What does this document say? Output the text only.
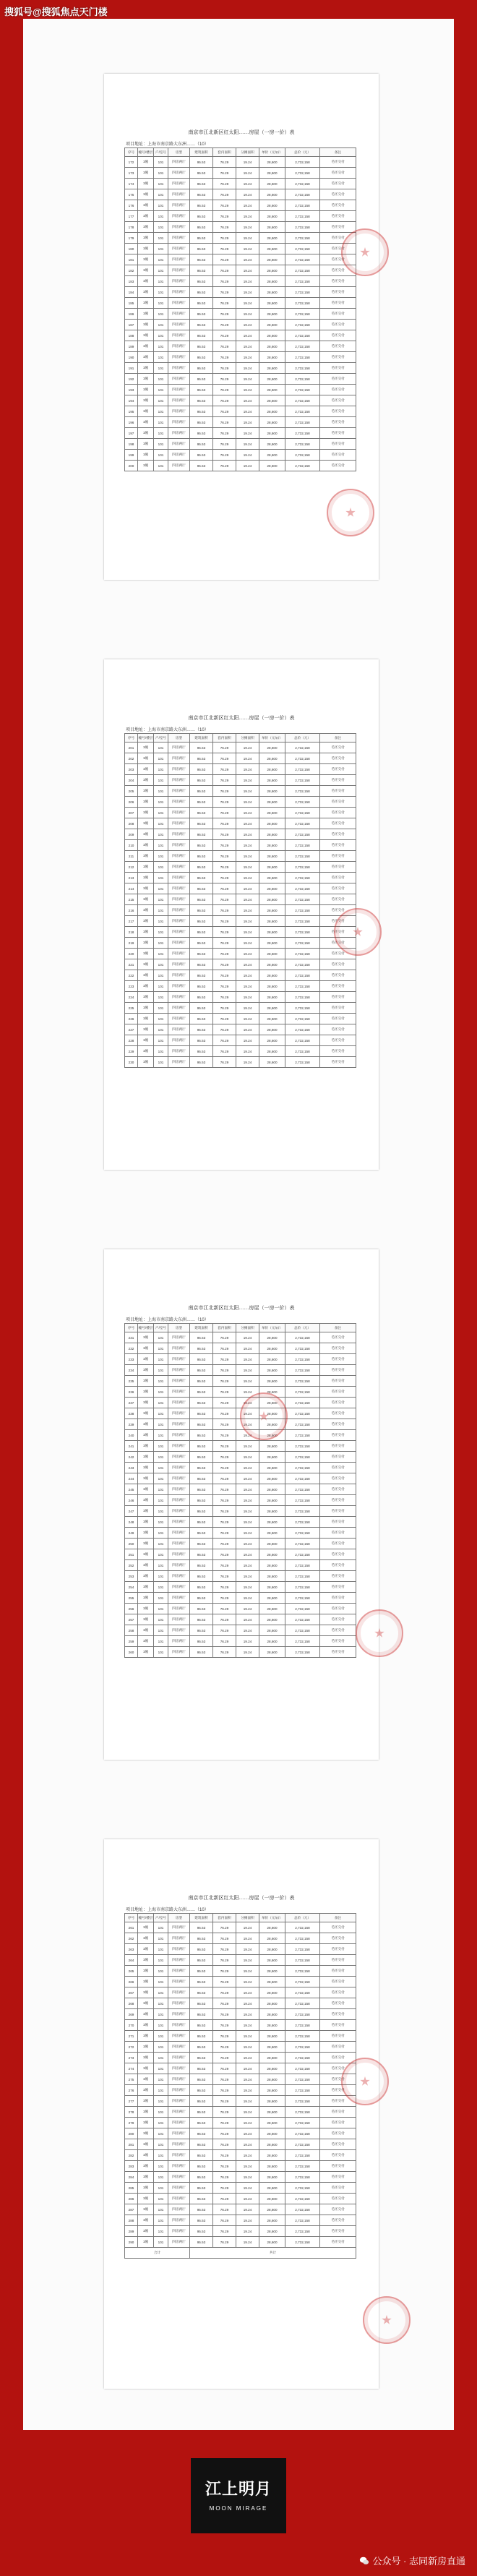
搜狐号@搜狐焦点天门楼
南京市江北新区红太阳……房屋（一房一价）表
项目地址：上海市南京路大东洲……（10）
序号	幢号/楼层	户/室号	房型	建筑面积	套内面积	分摊面积	单价（元/㎡）	总价（元）	备注
172	1幢	101	四房两厅	95.53	76.29	19.24	28,600	2,732,158	毛坯交付
173	1幢	101	四房两厅	95.53	76.29	19.24	28,600	2,732,158	毛坯交付
174	1幢	101	四房两厅	95.53	76.29	19.24	28,600	2,732,158	毛坯交付
175	1幢	101	四房两厅	95.53	76.29	19.24	28,600	2,732,158	毛坯交付
176	1幢	101	四房两厅	95.53	76.29	19.24	28,600	2,732,158	毛坯交付
177	1幢	101	四房两厅	95.53	76.29	19.24	28,600	2,732,158	毛坯交付
178	1幢	101	四房两厅	95.53	76.29	19.24	28,600	2,732,158	毛坯交付
179	1幢	101	四房两厅	95.53	76.29	19.24	28,600	2,732,158	毛坯交付
180	1幢	101	四房两厅	95.53	76.29	19.24	28,600	2,732,158	毛坯交付
181	1幢	101	四房两厅	95.53	76.29	19.24	28,600	2,732,158	毛坯交付
182	1幢	101	四房两厅	95.53	76.29	19.24	28,600	2,732,158	毛坯交付
183	1幢	101	四房两厅	95.53	76.29	19.24	28,600	2,732,158	毛坯交付
184	1幢	101	四房两厅	95.53	76.29	19.24	28,600	2,732,158	毛坯交付
185	1幢	101	四房两厅	95.53	76.29	19.24	28,600	2,732,158	毛坯交付
186	1幢	101	四房两厅	95.53	76.29	19.24	28,600	2,732,158	毛坯交付
187	1幢	101	四房两厅	95.53	76.29	19.24	28,600	2,732,158	毛坯交付
188	1幢	101	四房两厅	95.53	76.29	19.24	28,600	2,732,158	毛坯交付
189	1幢	101	四房两厅	95.53	76.29	19.24	28,600	2,732,158	毛坯交付
190	1幢	101	四房两厅	95.53	76.29	19.24	28,600	2,732,158	毛坯交付
191	1幢	101	四房两厅	95.53	76.29	19.24	28,600	2,732,158	毛坯交付
192	1幢	101	四房两厅	95.53	76.29	19.24	28,600	2,732,158	毛坯交付
193	1幢	101	四房两厅	95.53	76.29	19.24	28,600	2,732,158	毛坯交付
194	1幢	101	四房两厅	95.53	76.29	19.24	28,600	2,732,158	毛坯交付
195	1幢	101	四房两厅	95.53	76.29	19.24	28,600	2,732,158	毛坯交付
196	1幢	101	四房两厅	95.53	76.29	19.24	28,600	2,732,158	毛坯交付
197	1幢	101	四房两厅	95.53	76.29	19.24	28,600	2,732,158	毛坯交付
198	1幢	101	四房两厅	95.53	76.29	19.24	28,600	2,732,158	毛坯交付
199	1幢	101	四房两厅	95.53	76.29	19.24	28,600	2,732,158	毛坯交付
200	1幢	101	四房两厅	95.53	76.29	19.24	28,600	2,732,158	毛坯交付
南京市江北新区红太阳……房屋（一房一价）表
项目地址：上海市南京路大东洲……（10）
序号	幢号/楼层	户/室号	房型	建筑面积	套内面积	分摊面积	单价（元/㎡）	总价（元）	备注
201	1幢	101	四房两厅	95.53	76.29	19.24	28,600	2,732,158	毛坯交付
202	1幢	101	四房两厅	95.53	76.29	19.24	28,600	2,732,158	毛坯交付
203	1幢	101	四房两厅	95.53	76.29	19.24	28,600	2,732,158	毛坯交付
204	1幢	101	四房两厅	95.53	76.29	19.24	28,600	2,732,158	毛坯交付
205	1幢	101	四房两厅	95.53	76.29	19.24	28,600	2,732,158	毛坯交付
206	1幢	101	四房两厅	95.53	76.29	19.24	28,600	2,732,158	毛坯交付
207	1幢	101	四房两厅	95.53	76.29	19.24	28,600	2,732,158	毛坯交付
208	1幢	101	四房两厅	95.53	76.29	19.24	28,600	2,732,158	毛坯交付
209	1幢	101	四房两厅	95.53	76.29	19.24	28,600	2,732,158	毛坯交付
210	1幢	101	四房两厅	95.53	76.29	19.24	28,600	2,732,158	毛坯交付
211	1幢	101	四房两厅	95.53	76.29	19.24	28,600	2,732,158	毛坯交付
212	1幢	101	四房两厅	95.53	76.29	19.24	28,600	2,732,158	毛坯交付
213	1幢	101	四房两厅	95.53	76.29	19.24	28,600	2,732,158	毛坯交付
214	1幢	101	四房两厅	95.53	76.29	19.24	28,600	2,732,158	毛坯交付
215	1幢	101	四房两厅	95.53	76.29	19.24	28,600	2,732,158	毛坯交付
216	1幢	101	四房两厅	95.53	76.29	19.24	28,600	2,732,158	毛坯交付
217	1幢	101	四房两厅	95.53	76.29	19.24	28,600	2,732,158	毛坯交付
218	1幢	101	四房两厅	95.53	76.29	19.24	28,600	2,732,158	毛坯交付
219	1幢	101	四房两厅	95.53	76.29	19.24	28,600	2,732,158	毛坯交付
220	1幢	101	四房两厅	95.53	76.29	19.24	28,600	2,732,158	毛坯交付
221	1幢	101	四房两厅	95.53	76.29	19.24	28,600	2,732,158	毛坯交付
222	1幢	101	四房两厅	95.53	76.29	19.24	28,600	2,732,158	毛坯交付
223	1幢	101	四房两厅	95.53	76.29	19.24	28,600	2,732,158	毛坯交付
224	1幢	101	四房两厅	95.53	76.29	19.24	28,600	2,732,158	毛坯交付
225	1幢	101	四房两厅	95.53	76.29	19.24	28,600	2,732,158	毛坯交付
226	1幢	101	四房两厅	95.53	76.29	19.24	28,600	2,732,158	毛坯交付
227	1幢	101	四房两厅	95.53	76.29	19.24	28,600	2,732,158	毛坯交付
228	1幢	101	四房两厅	95.53	76.29	19.24	28,600	2,732,158	毛坯交付
229	1幢	101	四房两厅	95.53	76.29	19.24	28,600	2,732,158	毛坯交付
230	1幢	101	四房两厅	95.53	76.29	19.24	28,600	2,732,158	毛坯交付
南京市江北新区红太阳……房屋（一房一价）表
项目地址：上海市南京路大东洲……（10）
序号	幢号/楼层	户/室号	房型	建筑面积	套内面积	分摊面积	单价（元/㎡）	总价（元）	备注
231	1幢	101	四房两厅	95.53	76.29	19.24	28,600	2,732,158	毛坯交付
232	1幢	101	四房两厅	95.53	76.29	19.24	28,600	2,732,158	毛坯交付
233	1幢	101	四房两厅	95.53	76.29	19.24	28,600	2,732,158	毛坯交付
234	1幢	101	四房两厅	95.53	76.29	19.24	28,600	2,732,158	毛坯交付
235	1幢	101	四房两厅	95.53	76.29	19.24	28,600	2,732,158	毛坯交付
236	1幢	101	四房两厅	95.53	76.29	19.24	28,600	2,732,158	毛坯交付
237	1幢	101	四房两厅	95.53	76.29	19.24	28,600	2,732,158	毛坯交付
238	1幢	101	四房两厅	95.53	76.29	19.24	28,600	2,732,158	毛坯交付
239	1幢	101	四房两厅	95.53	76.29	19.24	28,600	2,732,158	毛坯交付
240	1幢	101	四房两厅	95.53	76.29	19.24	28,600	2,732,158	毛坯交付
241	1幢	101	四房两厅	95.53	76.29	19.24	28,600	2,732,158	毛坯交付
242	1幢	101	四房两厅	95.53	76.29	19.24	28,600	2,732,158	毛坯交付
243	1幢	101	四房两厅	95.53	76.29	19.24	28,600	2,732,158	毛坯交付
244	1幢	101	四房两厅	95.53	76.29	19.24	28,600	2,732,158	毛坯交付
245	1幢	101	四房两厅	95.53	76.29	19.24	28,600	2,732,158	毛坯交付
246	1幢	101	四房两厅	95.53	76.29	19.24	28,600	2,732,158	毛坯交付
247	1幢	101	四房两厅	95.53	76.29	19.24	28,600	2,732,158	毛坯交付
248	1幢	101	四房两厅	95.53	76.29	19.24	28,600	2,732,158	毛坯交付
249	1幢	101	四房两厅	95.53	76.29	19.24	28,600	2,732,158	毛坯交付
250	1幢	101	四房两厅	95.53	76.29	19.24	28,600	2,732,158	毛坯交付
251	1幢	101	四房两厅	95.53	76.29	19.24	28,600	2,732,158	毛坯交付
252	1幢	101	四房两厅	95.53	76.29	19.24	28,600	2,732,158	毛坯交付
253	1幢	101	四房两厅	95.53	76.29	19.24	28,600	2,732,158	毛坯交付
254	1幢	101	四房两厅	95.53	76.29	19.24	28,600	2,732,158	毛坯交付
255	1幢	101	四房两厅	95.53	76.29	19.24	28,600	2,732,158	毛坯交付
256	1幢	101	四房两厅	95.53	76.29	19.24	28,600	2,732,158	毛坯交付
257	1幢	101	四房两厅	95.53	76.29	19.24	28,600	2,732,158	毛坯交付
258	1幢	101	四房两厅	95.53	76.29	19.24	28,600	2,732,158	毛坯交付
259	1幢	101	四房两厅	95.53	76.29	19.24	28,600	2,732,158	毛坯交付
260	1幢	101	四房两厅	95.53	76.29	19.24	28,600	2,732,158	毛坯交付
南京市江北新区红太阳……房屋（一房一价）表
项目地址：上海市南京路大东洲……（10）
序号	幢号/楼层	户/室号	房型	建筑面积	套内面积	分摊面积	单价（元/㎡）	总价（元）	备注
261	1幢	101	四房两厅	95.53	76.29	19.24	28,600	2,732,158	毛坯交付
262	1幢	101	四房两厅	95.53	76.29	19.24	28,600	2,732,158	毛坯交付
263	1幢	101	四房两厅	95.53	76.29	19.24	28,600	2,732,158	毛坯交付
264	1幢	101	四房两厅	95.53	76.29	19.24	28,600	2,732,158	毛坯交付
265	1幢	101	四房两厅	95.53	76.29	19.24	28,600	2,732,158	毛坯交付
266	1幢	101	四房两厅	95.53	76.29	19.24	28,600	2,732,158	毛坯交付
267	1幢	101	四房两厅	95.53	76.29	19.24	28,600	2,732,158	毛坯交付
268	1幢	101	四房两厅	95.53	76.29	19.24	28,600	2,732,158	毛坯交付
269	1幢	101	四房两厅	95.53	76.29	19.24	28,600	2,732,158	毛坯交付
270	1幢	101	四房两厅	95.53	76.29	19.24	28,600	2,732,158	毛坯交付
271	1幢	101	四房两厅	95.53	76.29	19.24	28,600	2,732,158	毛坯交付
272	1幢	101	四房两厅	95.53	76.29	19.24	28,600	2,732,158	毛坯交付
273	1幢	101	四房两厅	95.53	76.29	19.24	28,600	2,732,158	毛坯交付
274	1幢	101	四房两厅	95.53	76.29	19.24	28,600	2,732,158	毛坯交付
275	1幢	101	四房两厅	95.53	76.29	19.24	28,600	2,732,158	毛坯交付
276	1幢	101	四房两厅	95.53	76.29	19.24	28,600	2,732,158	毛坯交付
277	1幢	101	四房两厅	95.53	76.29	19.24	28,600	2,732,158	毛坯交付
278	1幢	101	四房两厅	95.53	76.29	19.24	28,600	2,732,158	毛坯交付
279	1幢	101	四房两厅	95.53	76.29	19.24	28,600	2,732,158	毛坯交付
280	1幢	101	四房两厅	95.53	76.29	19.24	28,600	2,732,158	毛坯交付
281	1幢	101	四房两厅	95.53	76.29	19.24	28,600	2,732,158	毛坯交付
282	1幢	101	四房两厅	95.53	76.29	19.24	28,600	2,732,158	毛坯交付
283	1幢	101	四房两厅	95.53	76.29	19.24	28,600	2,732,158	毛坯交付
284	1幢	101	四房两厅	95.53	76.29	19.24	28,600	2,732,158	毛坯交付
285	1幢	101	四房两厅	95.53	76.29	19.24	28,600	2,732,158	毛坯交付
286	1幢	101	四房两厅	95.53	76.29	19.24	28,600	2,732,158	毛坯交付
287	1幢	101	四房两厅	95.53	76.29	19.24	28,600	2,732,158	毛坯交付
288	1幢	101	四房两厅	95.53	76.29	19.24	28,600	2,732,158	毛坯交付
289	1幢	101	四房两厅	95.53	76.29	19.24	28,600	2,732,158	毛坯交付
290	1幢	101	四房两厅	95.53	76.29	19.24	28,600	2,732,158	毛坯交付
合计				共计					
江上明月
MOON MIRAGE
公众号 · 志同新房直通
